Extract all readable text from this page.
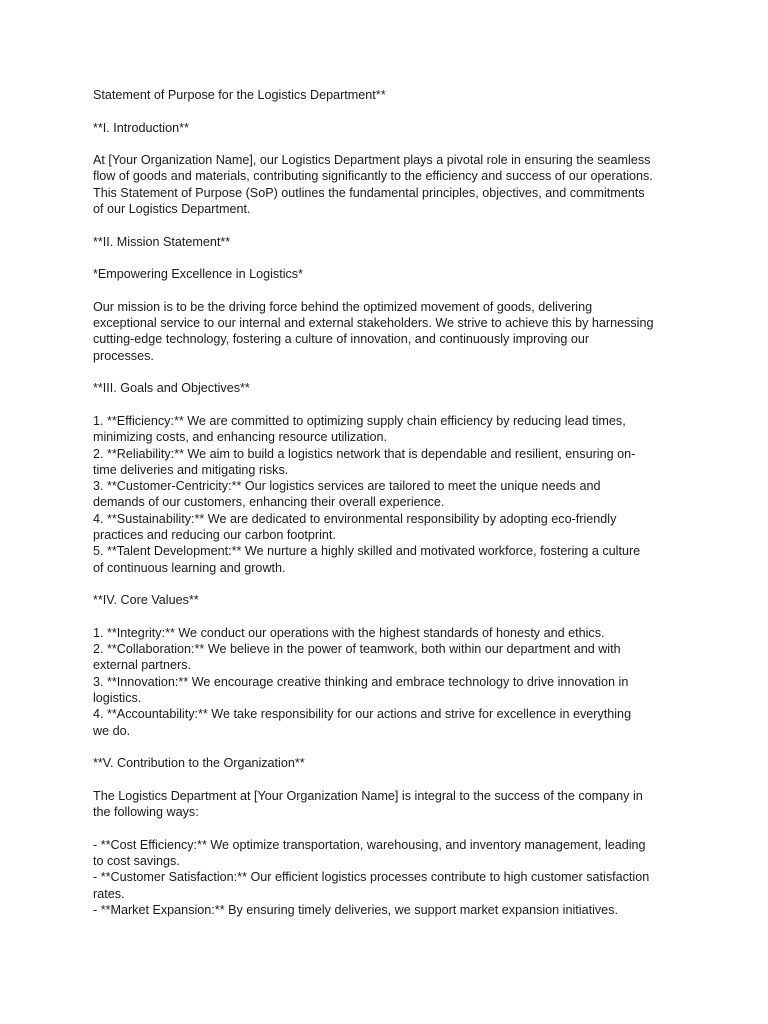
Statement of Purpose for the Logistics Department**
**I. Introduction**
At [Your Organization Name], our Logistics Department plays a pivotal role in ensuring the seamless
flow of goods and materials, contributing significantly to the efficiency and success of our operations.
This Statement of Purpose (SoP) outlines the fundamental principles, objectives, and commitments
of our Logistics Department.
**II. Mission Statement**
*Empowering Excellence in Logistics*
Our mission is to be the driving force behind the optimized movement of goods, delivering
exceptional service to our internal and external stakeholders. We strive to achieve this by harnessing
cutting-edge technology, fostering a culture of innovation, and continuously improving our
processes.
**III. Goals and Objectives**
1. **Efficiency:** We are committed to optimizing supply chain efficiency by reducing lead times,
minimizing costs, and enhancing resource utilization.
2. **Reliability:** We aim to build a logistics network that is dependable and resilient, ensuring on-
time deliveries and mitigating risks.
3. **Customer-Centricity:** Our logistics services are tailored to meet the unique needs and
demands of our customers, enhancing their overall experience.
4. **Sustainability:** We are dedicated to environmental responsibility by adopting eco-friendly
practices and reducing our carbon footprint.
5. **Talent Development:** We nurture a highly skilled and motivated workforce, fostering a culture
of continuous learning and growth.
**IV. Core Values**
1. **Integrity:** We conduct our operations with the highest standards of honesty and ethics.
2. **Collaboration:** We believe in the power of teamwork, both within our department and with
external partners.
3. **Innovation:** We encourage creative thinking and embrace technology to drive innovation in
logistics.
4. **Accountability:** We take responsibility for our actions and strive for excellence in everything
we do.
**V. Contribution to the Organization**
The Logistics Department at [Your Organization Name] is integral to the success of the company in
the following ways:
- **Cost Efficiency:** We optimize transportation, warehousing, and inventory management, leading
to cost savings.
- **Customer Satisfaction:** Our efficient logistics processes contribute to high customer satisfaction
rates.
- **Market Expansion:** By ensuring timely deliveries, we support market expansion initiatives.
